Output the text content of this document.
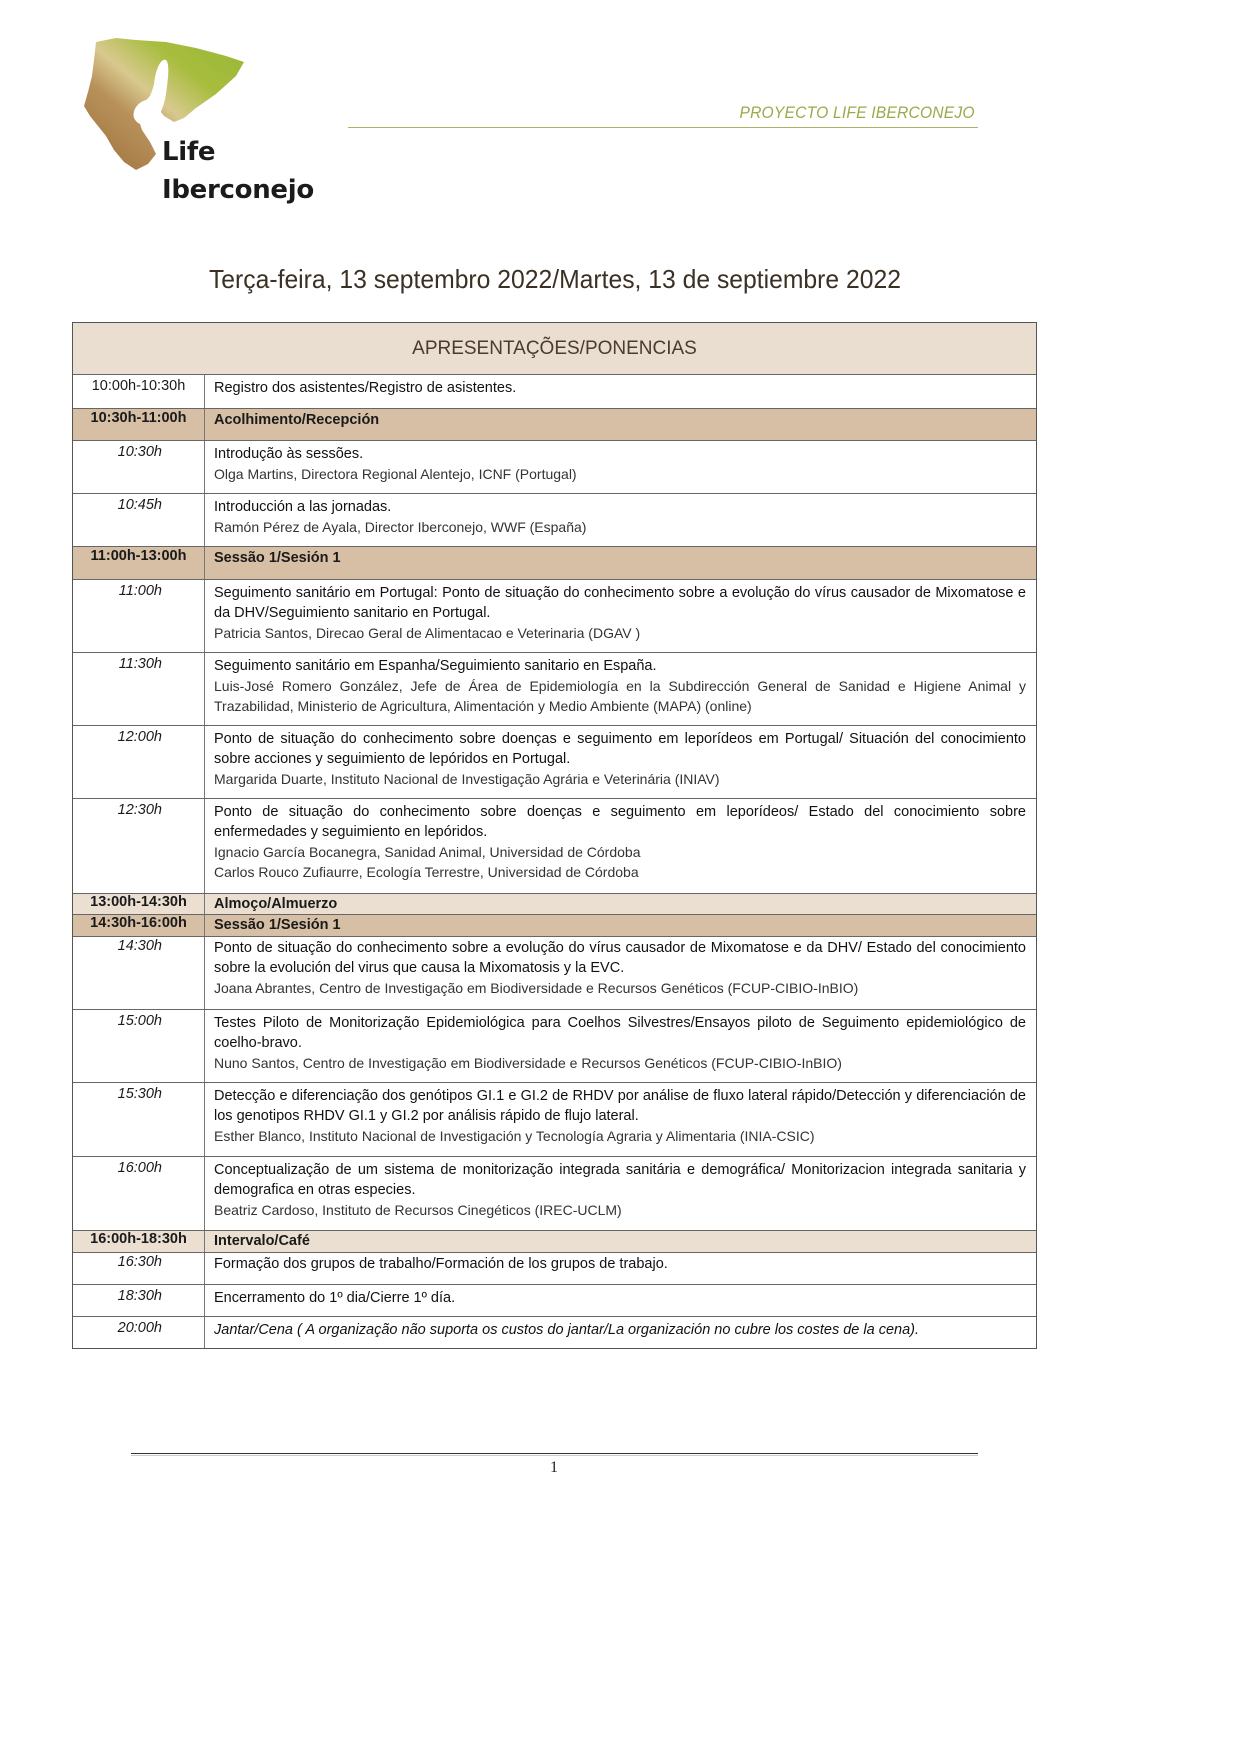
Life
Iberconejo
PROYECTO LIFE IBERCONEJO
Terça-feira, 13 septembro 2022/Martes, 13 de septiembre 2022
APRESENTAÇÕES/PONENCIAS
10:00h-10:30h	Registro dos asistentes/Registro de asistentes.
10:30h-11:00h	Acolhimento/Recepción
10:30h	Introdução às sessões.
Olga Martins, Directora Regional Alentejo, ICNF (Portugal)
10:45h	Introducción a las jornadas.
Ramón Pérez de Ayala, Director Iberconejo, WWF (España)
11:00h-13:00h	Sessão 1/Sesión 1
11:00h	Seguimento sanitário em Portugal: Ponto de situação do conhecimento sobre a evolução do vírus causador de Mixomatose e da DHV/Seguimiento sanitario en Portugal.
Patricia Santos, Direcao Geral de Alimentacao e Veterinaria (DGAV )
11:30h	Seguimento sanitário em Espanha/Seguimiento sanitario en España.
Luis-José Romero González, Jefe de Área de Epidemiología en la Subdirección General de Sanidad e Higiene Animal y Trazabilidad, Ministerio de Agricultura, Alimentación y Medio Ambiente (MAPA) (online)
12:00h	Ponto de situação do conhecimento sobre doenças e seguimento em leporídeos em Portugal/ Situación del conocimiento sobre acciones y seguimiento de lepóridos en Portugal.
Margarida Duarte, Instituto Nacional de Investigação Agrária e Veterinária (INIAV)
12:30h	Ponto de situação do conhecimento sobre doenças e seguimento em leporídeos/ Estado del conocimiento sobre enfermedades y seguimiento en lepóridos.
Ignacio García Bocanegra, Sanidad Animal, Universidad de Córdoba
Carlos Rouco Zufiaurre, Ecología Terrestre, Universidad de Córdoba
13:00h-14:30h	Almoço/Almuerzo
14:30h-16:00h	Sessão 1/Sesión 1
14:30h	Ponto de situação do conhecimento sobre a evolução do vírus causador de Mixomatose e da DHV/ Estado del conocimiento sobre la evolución del virus que causa la Mixomatosis y la EVC.
Joana Abrantes, Centro de Investigação em Biodiversidade e Recursos Genéticos (FCUP-CIBIO-InBIO)
15:00h	Testes Piloto de Monitorização Epidemiológica para Coelhos Silvestres/Ensayos piloto de Seguimento epidemiológico de coelho-bravo.
Nuno Santos, Centro de Investigação em Biodiversidade e Recursos Genéticos (FCUP-CIBIO-InBIO)
15:30h	Detecção e diferenciação dos genótipos GI.1 e GI.2 de RHDV por análise de fluxo lateral rápido/Detección y diferenciación de los genotipos RHDV GI.1 y GI.2 por análisis rápido de flujo lateral.
Esther Blanco, Instituto Nacional de Investigación y Tecnología Agraria y Alimentaria (INIA-CSIC)
16:00h	Conceptualização de um sistema de monitorização integrada sanitária e demográfica/ Monitorizacion integrada sanitaria y demografica en otras especies.
Beatriz Cardoso, Instituto de Recursos Cinegéticos (IREC-UCLM)
16:00h-18:30h	Intervalo/Café
16:30h	Formação dos grupos de trabalho/Formación de los grupos de trabajo.
18:30h	Encerramento do 1º dia/Cierre 1º día.
20:00h	Jantar/Cena ( A organização não suporta os custos do jantar/La organización no cubre los costes de la cena).
1
